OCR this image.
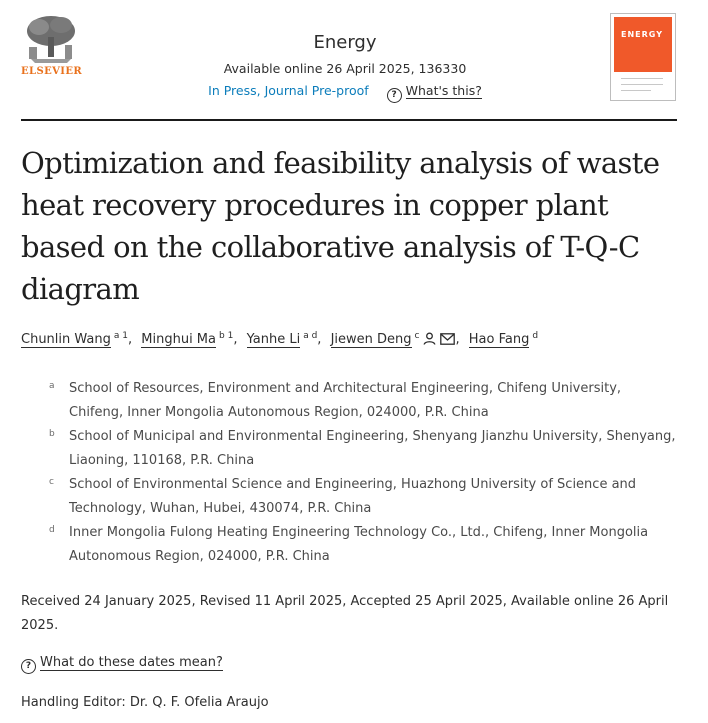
ELSEVIER
Energy
Available online 26 April 2025, 136330
In Press, Journal Pre-proof	? What's this?
ENERGY
Optimization and feasibility analysis of waste heat recovery procedures in copper plant based on the collaborative analysis of T-Q-C diagram
Chunlin Wang $^{a 1}$, Minghui Ma $^{b 1}$, Yanhe Li $^{a d}$, Jiewen Deng $^c$	, Hao Fang $^d$
a School of Resources, Environment and Architectural Engineering, Chifeng University, Chifeng, Inner Mongolia Autonomous Region, 024000, P.R. China
b School of Municipal and Environmental Engineering, Shenyang Jianzhu University, Shenyang, Liaoning, 110168, P.R. China
c School of Environmental Science and Engineering, Huazhong University of Science and Technology, Wuhan, Hubei, 430074, P.R. China
d Inner Mongolia Fulong Heating Engineering Technology Co., Ltd., Chifeng, Inner Mongolia Autonomous Region, 024000, P.R. China
Received 24 January 2025, Revised 11 April 2025, Accepted 25 April 2025, Available online 26 April 2025.
? What do these dates mean?
Handling Editor: Dr. Q. F. Ofelia Araujo
